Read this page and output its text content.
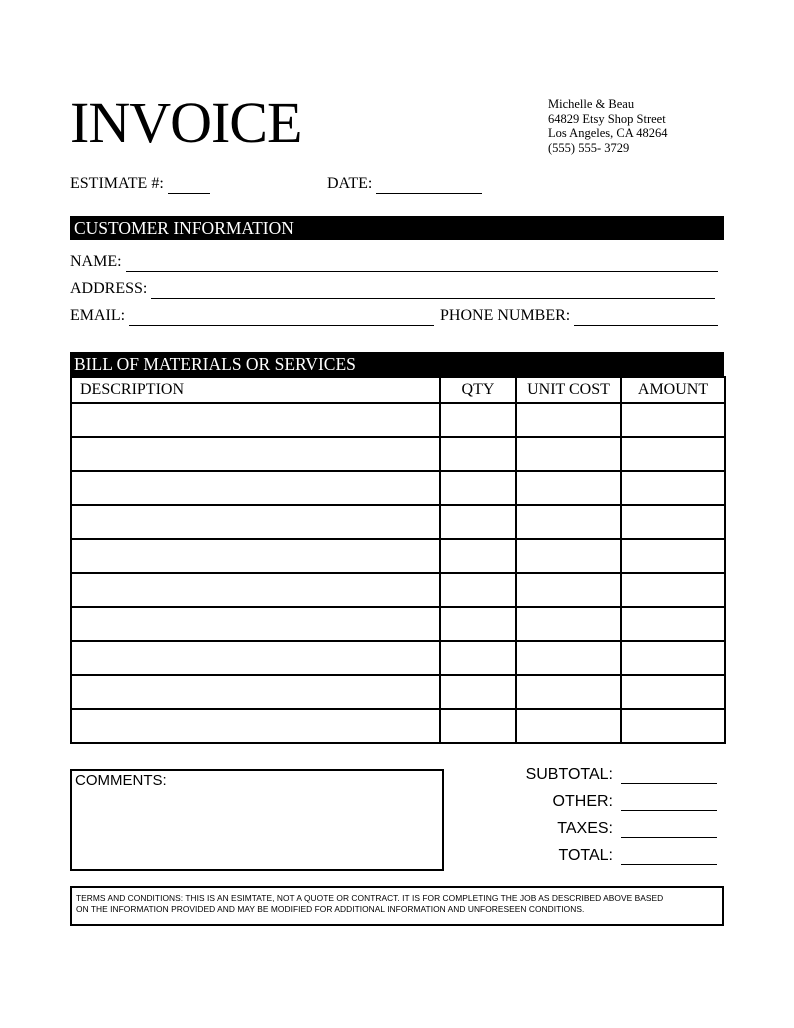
INVOICE	Michelle & Beau
64829 Etsy Shop Street
Los Angeles, CA 48264
(555) 555- 3729
ESTIMATE #:	DATE:
CUSTOMER INFORMATION
NAME:
ADDRESS:
EMAIL:	PHONE NUMBER:
BILL OF MATERIALS OR SERVICES
DESCRIPTION	QTY	UNIT COST	AMOUNT

COMMENTS:	SUBTOTAL:
OTHER:
TAXES:
TOTAL:
TERMS AND CONDITIONS: THIS IS AN ESIMTATE, NOT A QUOTE OR CONTRACT. IT IS FOR COMPLETING THE JOB AS DESCRIBED ABOVE BASED
ON THE INFORMATION PROVIDED AND MAY BE MODIFIED FOR ADDITIONAL INFORMATION AND UNFORESEEN CONDITIONS.
